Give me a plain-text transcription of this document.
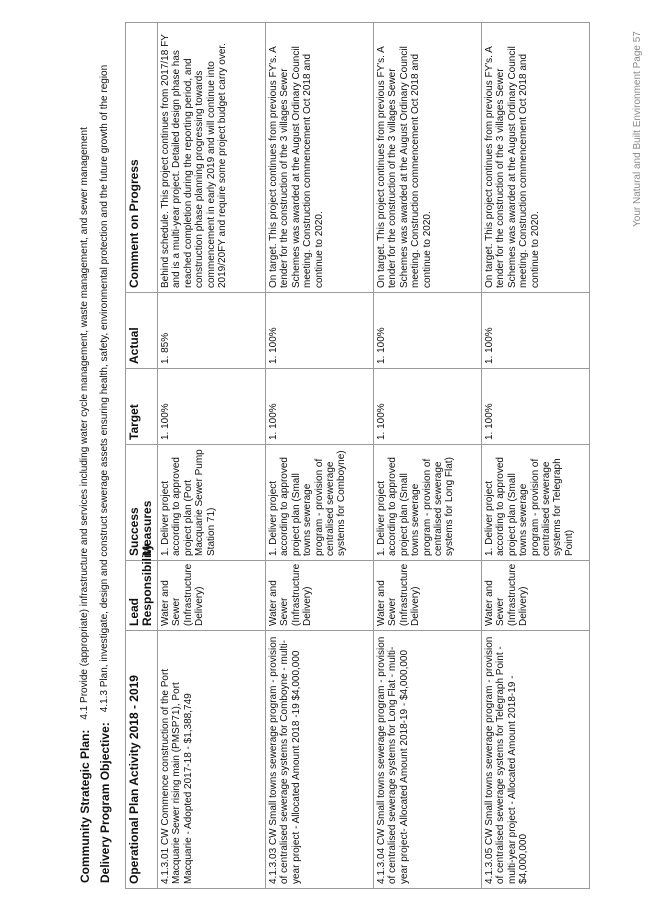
Community Strategic Plan:
4.1 Provide (appropriate) infrastructure and services including water cycle management, waste management, and sewer management
Delivery Program Objective:
4.1.3 Plan, investigate, design and construct sewerage assets ensuring health, safety, environmental protection and the future growth of the region
Operational Plan Activity 2018 - 2019	Lead Responsibility	Success Measures	Target	Actual	Comment on Progress
4.1.3.01 CW Commence construction of the Port Macquarie Sewer rising main (PMSP71), Port Macquarie - Adopted 2017-18 - $1,388,749	Water and Sewer (Infrastructure Delivery)	1. Deliver project according to approved project plan (Port Macquarie Sewer Pump Station 71)	1. 100%	1. 85%	Behind schedule. This project continues from 2017/18 FY and is a multi-year project. Detailed design phase has reached completion during the reporting period, and construction phase planning progressing towards commencement in early 2019 and will continue into 2019/20FY and require some project budget carry over.
4.1.3.03 CW Small towns sewerage program - provision of centralised sewerage systems for Comboyne - multi-year project - Allocated Amount 2018 -19 $4,000,000	Water and Sewer (Infrastructure Delivery)	1. Deliver project according to approved project plan (Small towns sewerage program - provision of centralised sewerage systems for Comboyne)	1. 100%	1. 100%	On target. This project continues from previous FY's. A tender for the construction of the 3 villages Sewer Schemes was awarded at the August Ordinary Council meeting. Construction commencement Oct 2018 and continue to 2020.
4.1.3.04 CW Small towns sewerage program - provision of centralised sewerage systems for Long Flat - multi-year project- Allocated Amount 2018-19 - $4,000,000	Water and Sewer (Infrastructure Delivery)	1. Deliver project according to approved project plan (Small towns sewerage program - provision of centralised sewerage systems for Long Flat)	1. 100%	1. 100%	On target. This project continues from previous FY's. A tender for the construction of the 3 villages Sewer Schemes was awarded at the August Ordinary Council meeting. Construction commencement Oct 2018 and continue to 2020.
4.1.3.05 CW Small towns sewerage program - provision of centralised sewerage systems for Telegraph Point - multi-year project - Allocated Amount 2018-19 - $4,000,000	Water and Sewer (Infrastructure Delivery)	1. Deliver project according to approved project plan (Small towns sewerage program - provision of centralised sewerage systems for Telegraph Point)	1. 100%	1. 100%	On target. This project continues from previous FY's. A tender for the construction of the 3 villages Sewer Schemes was awarded at the August Ordinary Council meeting. Construction commencement Oct 2018 and continue to 2020.
Your Natural and Built Environment Page 57
